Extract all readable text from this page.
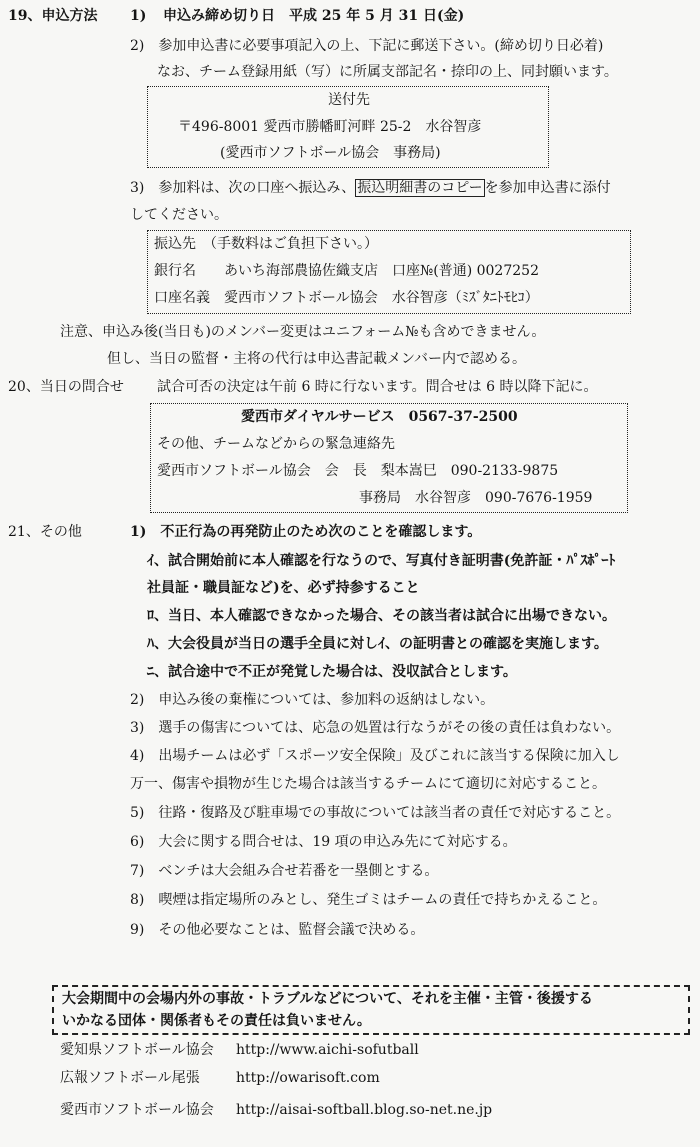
19、申込方法 1) 申込み締め切り日　平成 25 年 5 月 31 日(金)
2)　参加申込書に必要事項記入の上、下記に郵送下さい。(締め切り日必着)
なお、チーム登録用紙（写）に所属支部記名・捺印の上、同封願います。
送付先
〒496-8001 愛西市勝幡町河畔 25-2　水谷智彦
(愛西市ソフトボール協会　事務局)
3)　参加料は、次の口座へ振込み、 振込明細書のコピー を参加申込書に添付
してください。
振込先　（手数料はご負担下さい。）
銀行名　　あいち海部農協佐織支店　口座№(普通) 0027252
口座名義　愛西市ソフトボール協会　水谷智彦（ﾐｽﾞﾀﾆﾄﾓﾋｺ）
注意、申込み後(当日も)のメンバー変更はユニフォーム№も含めできません。
但し、当日の監督・主将の代行は申込書記載メンバー内で認める。
20、当日の問合せ 試合可否の決定は午前 6 時に行ないます。問合せは 6 時以降下記に。
愛西市ダイヤルサービス　0567-37-2500
その他、チームなどからの緊急連絡先
愛西市ソフトボール協会　会　長　梨本嵩巳　090-2133-9875
事務局　水谷智彦　090-7676-1959
21、その他	1)　不正行為の再発防止のため次のことを確認します。
ｲ、試合開始前に本人確認を行なうので、写真付き証明書(免許証・ﾊﾟｽﾎﾟｰﾄ
社員証・職員証など)を、必ず持参すること
ﾛ、当日、本人確認できなかった場合、その該当者は試合に出場できない。
ﾊ、大会役員が当日の選手全員に対しｲ、の証明書との確認を実施します。
ﾆ、試合途中で不正が発覚した場合は、没収試合とします。
2)　申込み後の棄権については、参加料の返納はしない。
3)　選手の傷害については、応急の処置は行なうがその後の責任は負わない。
4)　出場チームは必ず「スポーツ安全保険」及びこれに該当する保険に加入し
万一、傷害や損物が生じた場合は該当するチームにて適切に対応すること。
5)　往路・復路及び駐車場での事故については該当者の責任で対応すること。
6)　大会に関する問合せは、19 項の申込み先にて対応する。
7)　ベンチは大会組み合せ若番を一塁側とする。
8)　喫煙は指定場所のみとし、発生ゴミはチームの責任で持ちかえること。
9)　その他必要なことは、監督会議で決める。
大会期間中の会場内外の事故・トラブルなどについて、それを主催・主管・後援する
いかなる団体・関係者もその責任は負いません。
愛知県ソフトボール協会 http://www.aichi-sofutball
広報ソフトボール尾張	http://owarisoft.com
愛西市ソフトボール協会 http://aisai-softball.blog.so-net.ne.jp
